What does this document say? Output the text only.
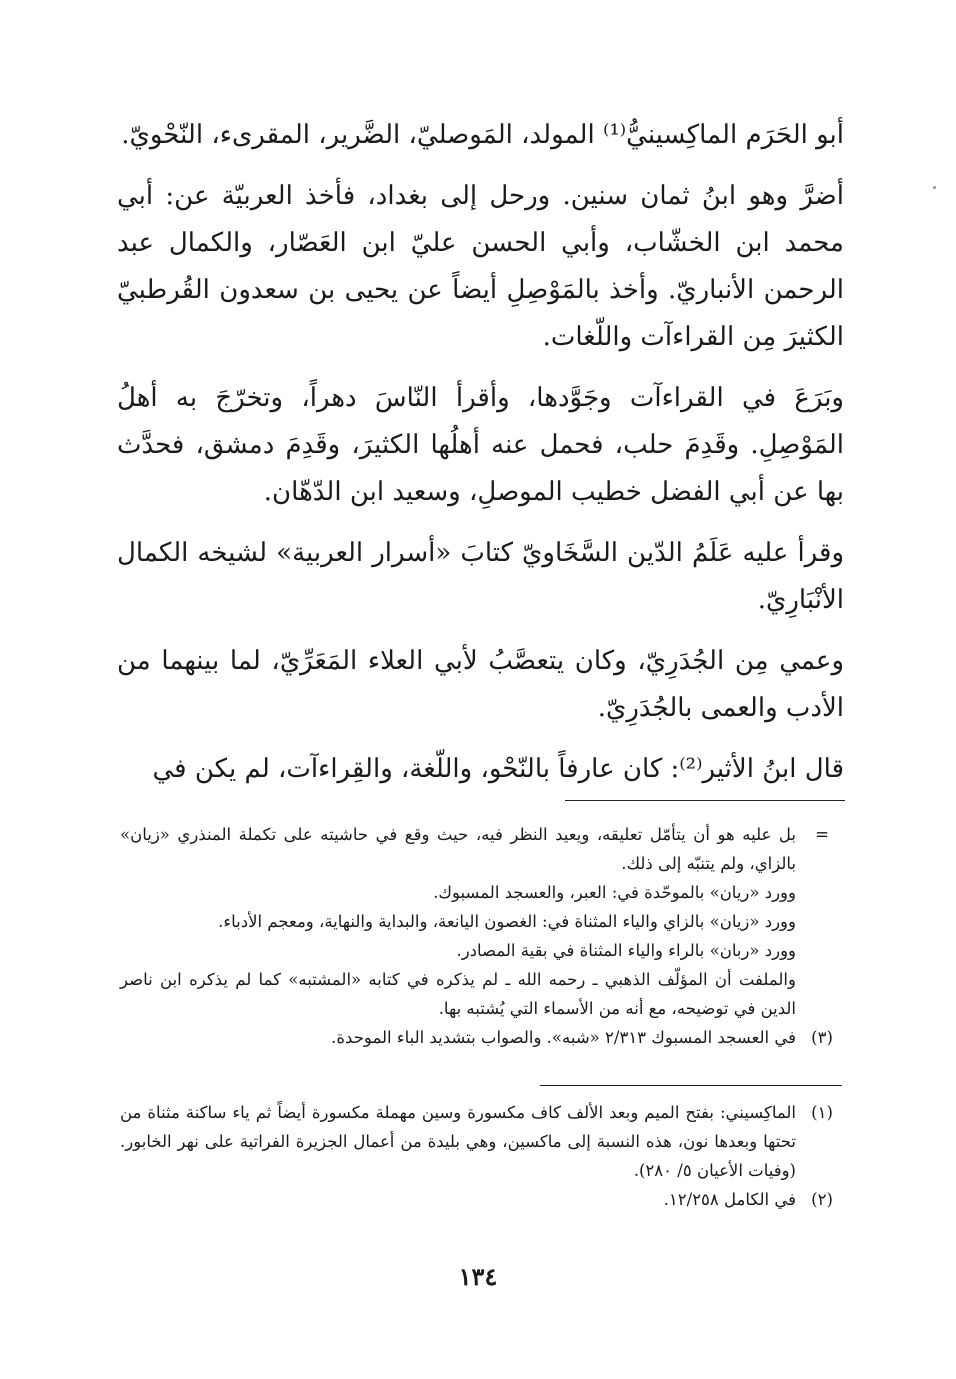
أبو الحَرَم الماكِسينيُّ⁽¹⁾ المولد، المَوصليّ، الضَّرير، المقرىء، النّحْويّ.

أضرَّ وهو ابنُ ثمان سنين. ورحل إلى بغداد، فأخذ العربيّة عن: أبي محمد ابن الخشّاب، وأبي الحسن عليّ ابن العَصّار، والكمال عبد الرحمن الأنباريّ. وأخذ بالمَوْصِلِ أيضاً عن يحيى بن سعدون القُرطبيّ الكثيرَ مِن القراءآت واللّغات.

وبَرَعَ في القراءآت وجَوَّدها، وأقرأ النّاسَ دهراً، وتخرّجَ به أهلُ المَوْصِلِ. وقَدِمَ حلب، فحمل عنه أهلُها الكثيرَ، وقَدِمَ دمشق، فحدَّث بها عن أبي الفضل خطيب الموصلِ، وسعيد ابن الدّهّان.

وقرأ عليه عَلَمُ الدّين السَّخَاويّ كتابَ «أسرار العربية» لشيخه الكمال الأنْبَارِيّ.

وعمي مِن الجُدَرِيّ، وكان يتعصَّبُ لأبي العلاء المَعَرِّيّ، لما بينهما من الأدب والعمى بالجُدَرِيّ.

قال ابنُ الأثير⁽²⁾: كان عارفاً بالنّحْو، واللّغة، والقِراءآت، لم يكن في

=
بل عليه هو أن يتأمّل تعليقه، ويعيد النظر فيه، حيث وقع في حاشيته على تكملة المنذري «زيان» بالزاي، ولم يتنبّه إلى ذلك.
وورد «ريان» بالموحّدة في: العبر، والعسجد المسبوك.
وورد «زيان» بالزاي والياء المثناة في: الغصون اليانعة، والبداية والنهاية، ومعجم الأدباء.
وورد «ربان» بالراء والياء المثناة في بقية المصادر.
والملفت أن المؤلّف الذهبي ـ رحمه الله ـ لم يذكره في كتابه «المشتبه» كما لم يذكره ابن ناصر الدين في توضيحه، مع أنه من الأسماء التي يُشتبه بها.
(٣)
في العسجد المسبوك ٢/٣١٣ «شبه». والصواب بتشديد الباء الموحدة.
(١)
الماكِسيني: بفتح الميم وبعد الألف كاف مكسورة وسين مهملة مكسورة أيضاً ثم ياء ساكنة مثناة من تحتها وبعدها نون، هذه النسبة إلى ماكسين، وهي بليدة من أعمال الجزيرة الفراتية على نهر الخابور. (وفيات الأعيان ٥/ ٢٨٠).
(٢)
في الكامل ١٢/٢٥٨.
١٣٤
